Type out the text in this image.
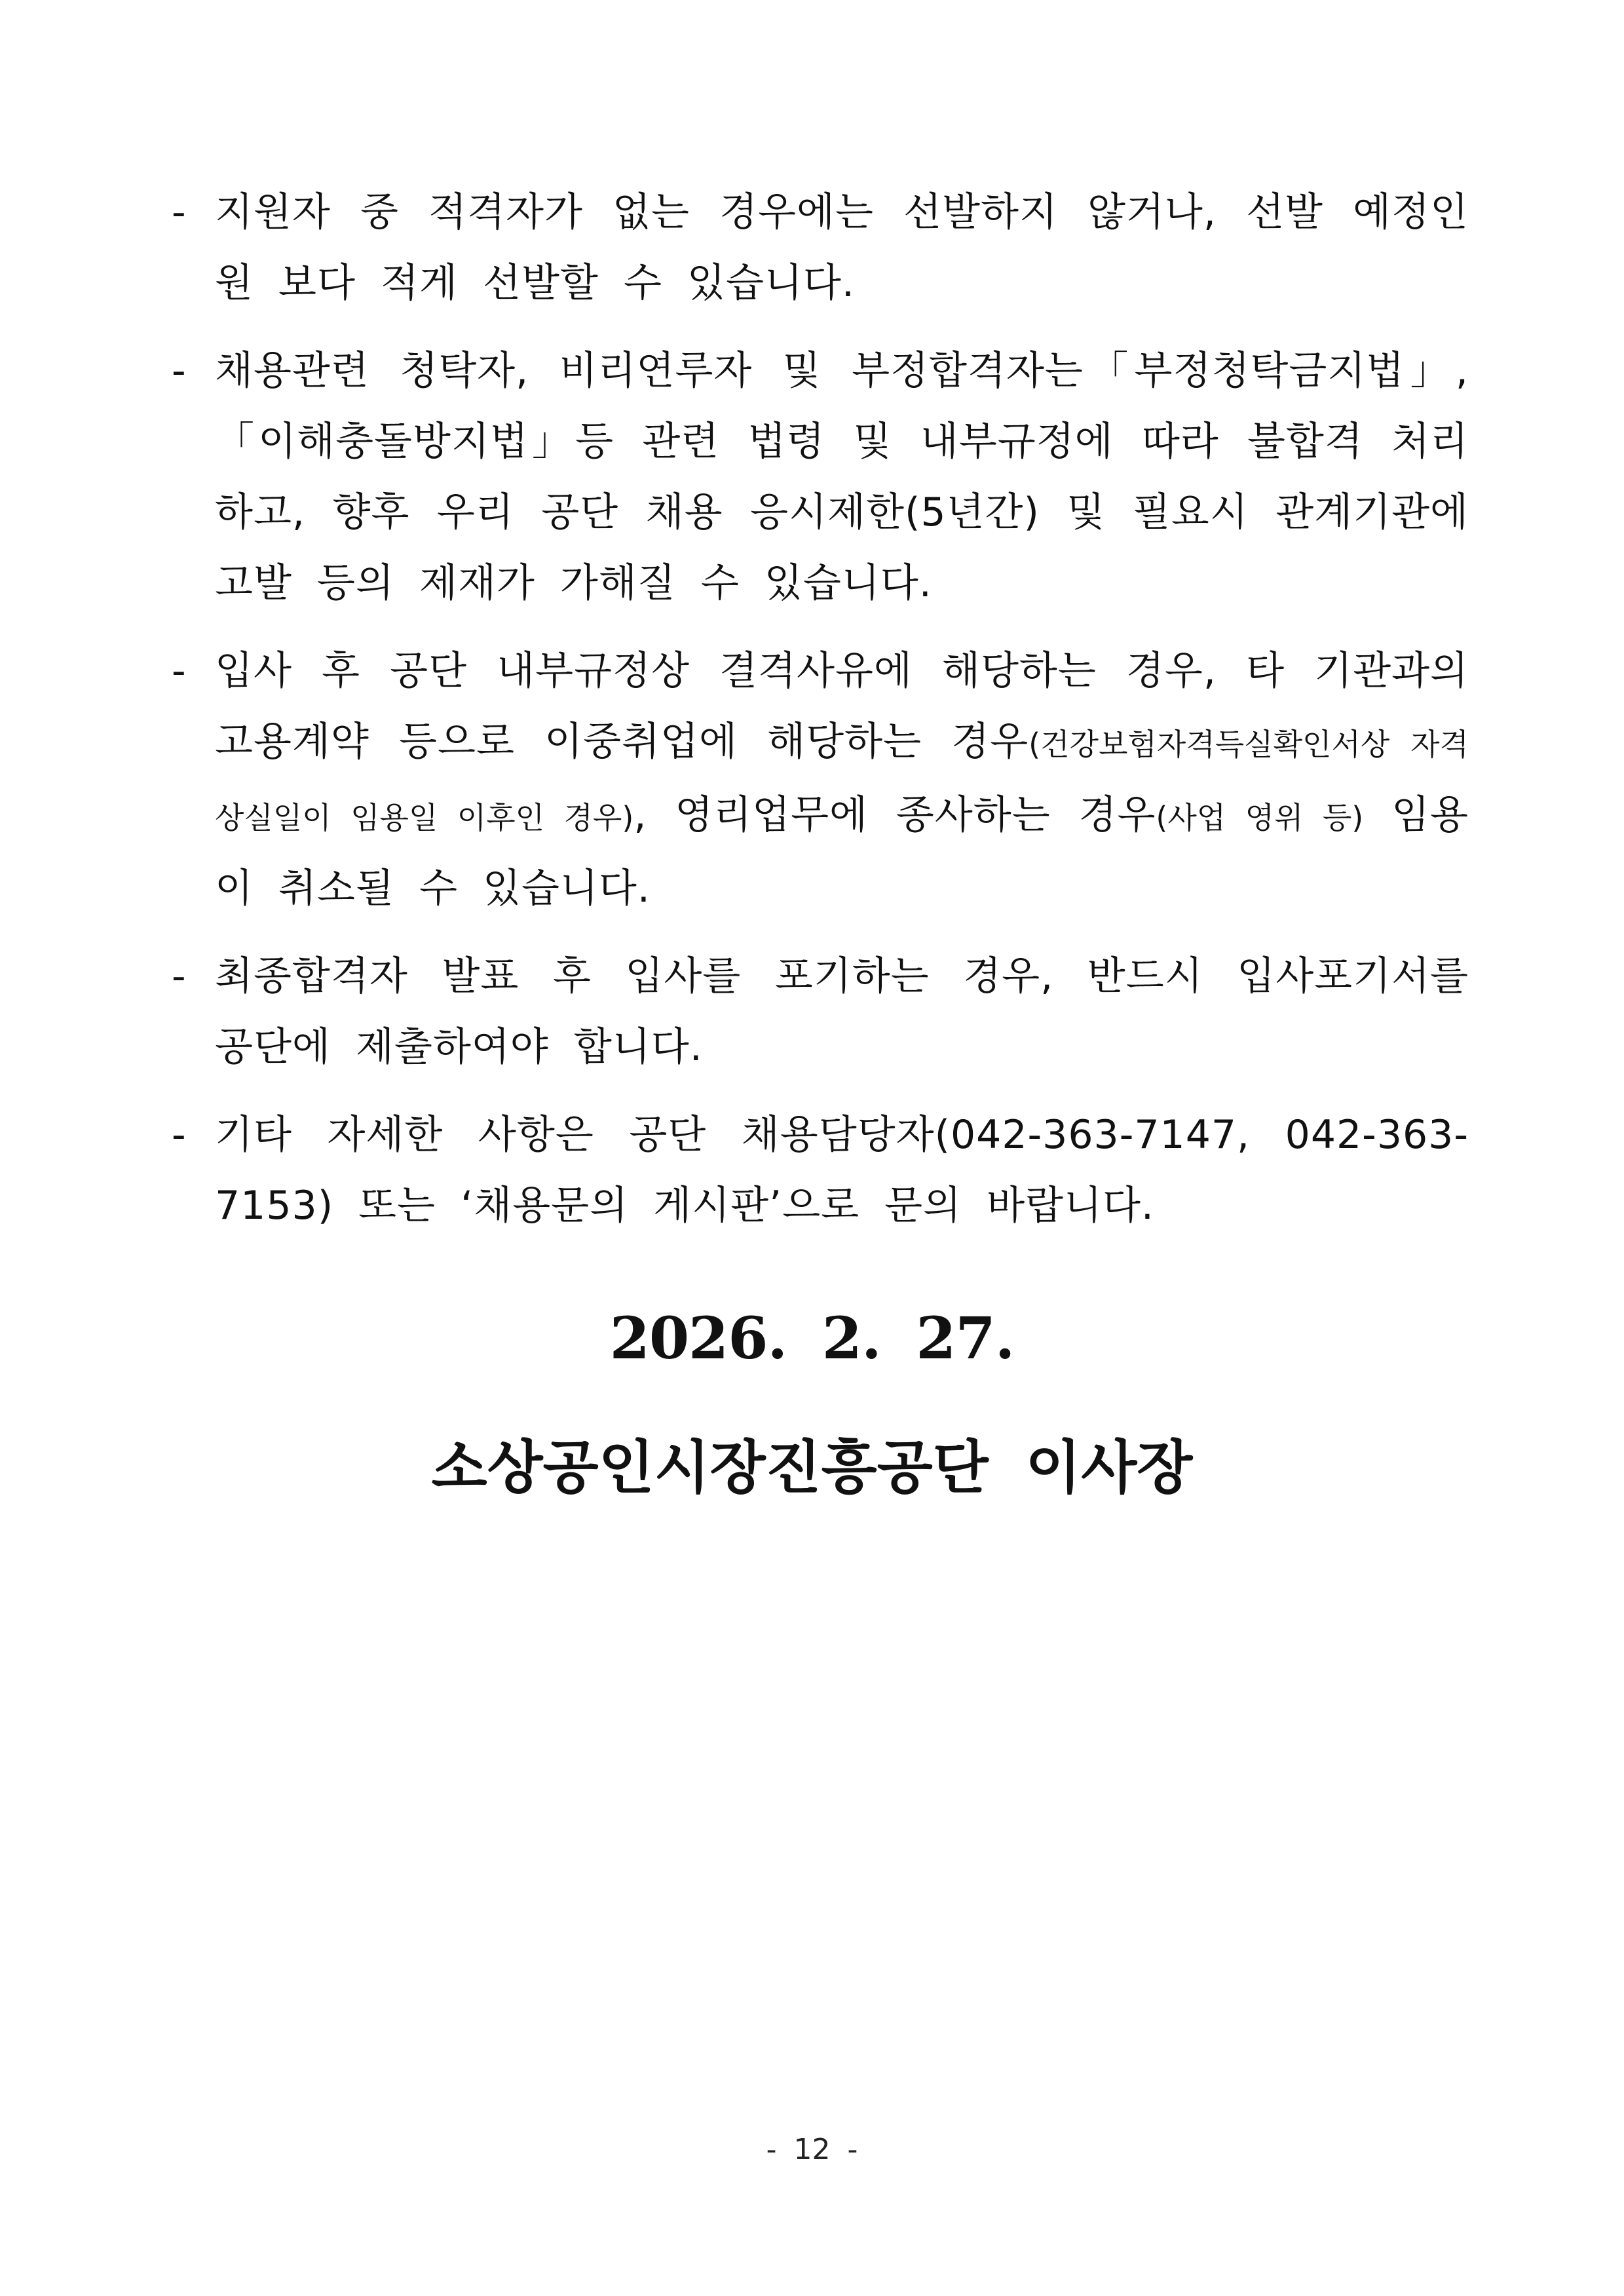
- 지원자 중 적격자가 없는 경우에는 선발하지 않거나, 선발 예정인원 보다 적게 선발할 수 있습니다.
- 채용관련 청탁자, 비리연루자 및 부정합격자는「부정청탁금지법」, 「이해충돌방지법」등 관련 법령 및 내부규정에 따라 불합격 처리 하고, 향후 우리 공단 채용 응시제한(5년간) 및 필요시 관계기관에 고발 등의 제재가 가해질 수 있습니다.
- 입사 후 공단 내부규정상 결격사유에 해당하는 경우, 타 기관과의 고용계약 등으로 이중취업에 해당하는 경우(건강보험자격득실확인서상 자격상실일이 임용일 이후인 경우), 영리업무에 종사하는 경우(사업 영위 등) 임용이 취소될 수 있습니다.
- 최종합격자 발표 후 입사를 포기하는 경우, 반드시 입사포기서를 공단에 제출하여야 합니다.
- 기타 자세한 사항은 공단 채용담당자(042-363-7147, 042-363-7153) 또는 ‘채용문의 게시판’으로 문의 바랍니다.
2026. 2. 27.
소상공인시장진흥공단 이사장
- 12 -
